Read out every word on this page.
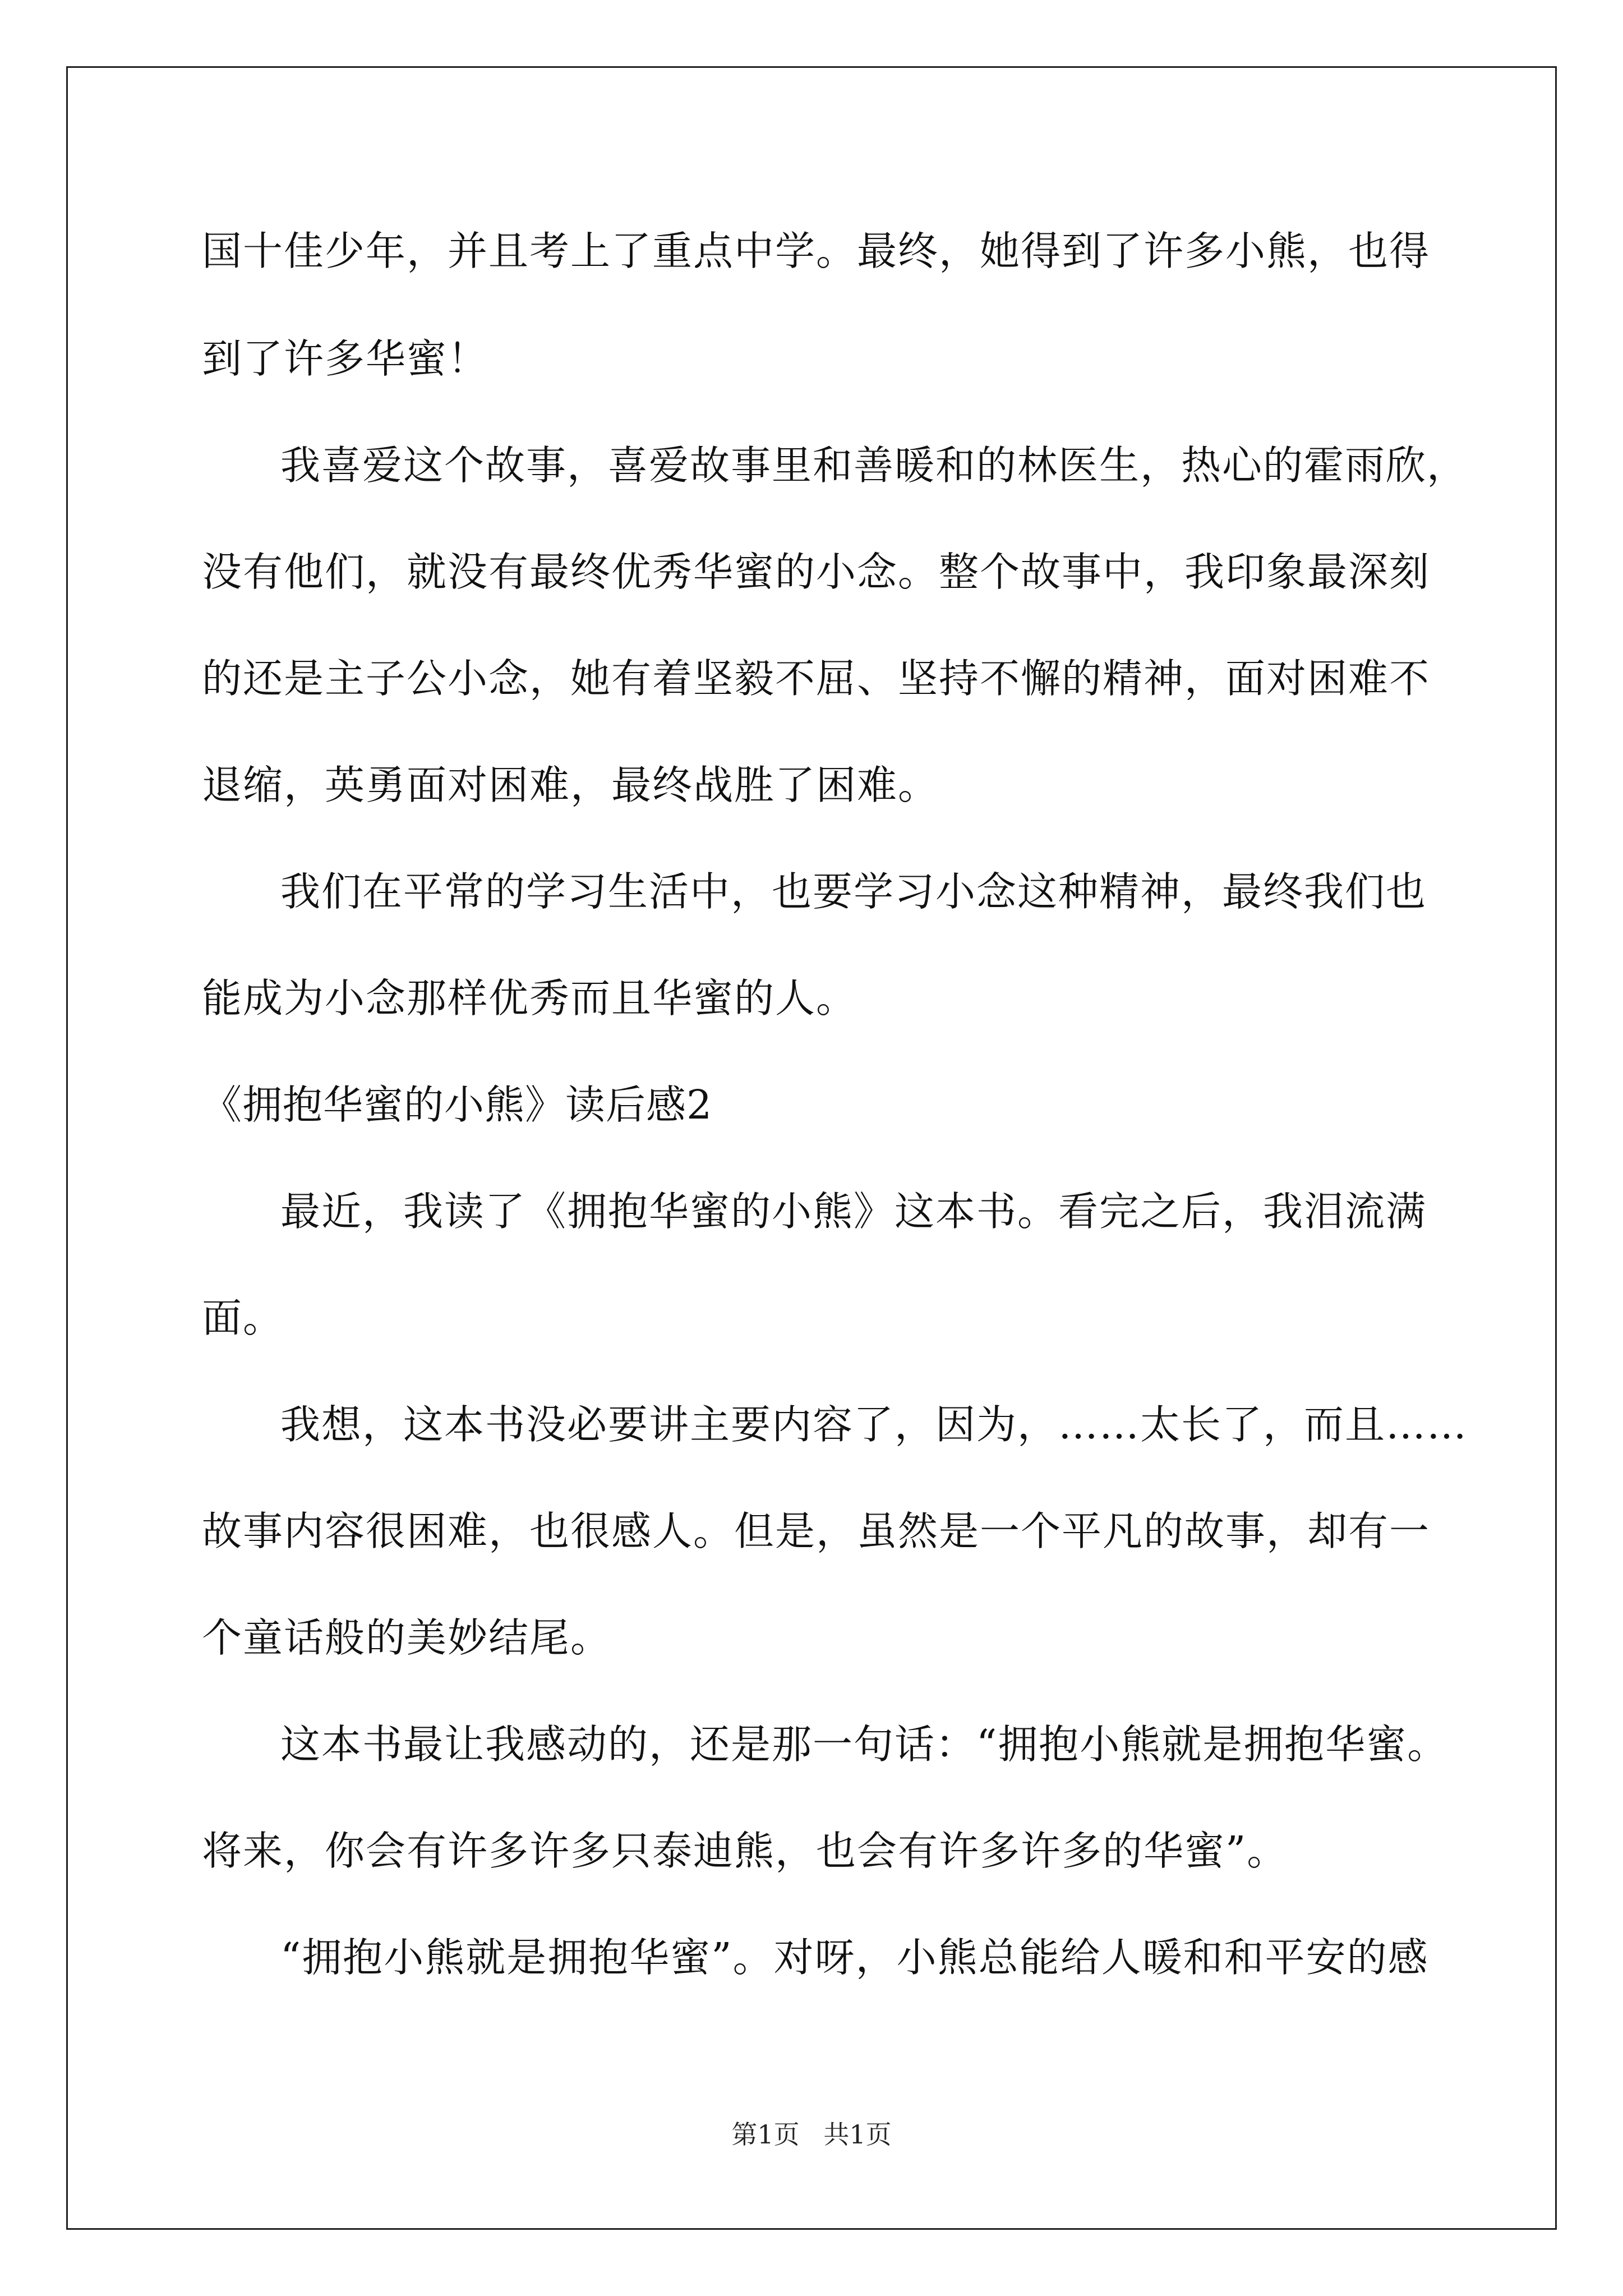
国十佳少年，并且考上了重点中学。最终，她得到了许多小熊，也得
到了许多华蜜！
我喜爱这个故事，喜爱故事里和善暖和的林医生，热心的霍雨欣，
没有他们，就没有最终优秀华蜜的小念。整个故事中，我印象最深刻
的还是主子公小念，她有着坚毅不屈、坚持不懈的精神，面对困难不
退缩，英勇面对困难，最终战胜了困难。
我们在平常的学习生活中，也要学习小念这种精神，最终我们也
能成为小念那样优秀而且华蜜的人。
《拥抱华蜜的小熊》读后感2
最近，我读了《拥抱华蜜的小熊》这本书。看完之后，我泪流满
面。
我想，这本书没必要讲主要内容了，因为，……太长了，而且……
故事内容很困难，也很感人。但是，虽然是一个平凡的故事，却有一
个童话般的美妙结尾。
这本书最让我感动的，还是那一句话：“拥抱小熊就是拥抱华蜜。
将来，你会有许多许多只泰迪熊，也会有许多许多的华蜜”。
“拥抱小熊就是拥抱华蜜”。对呀，小熊总能给人暖和和平安的感
第1页 共1页
